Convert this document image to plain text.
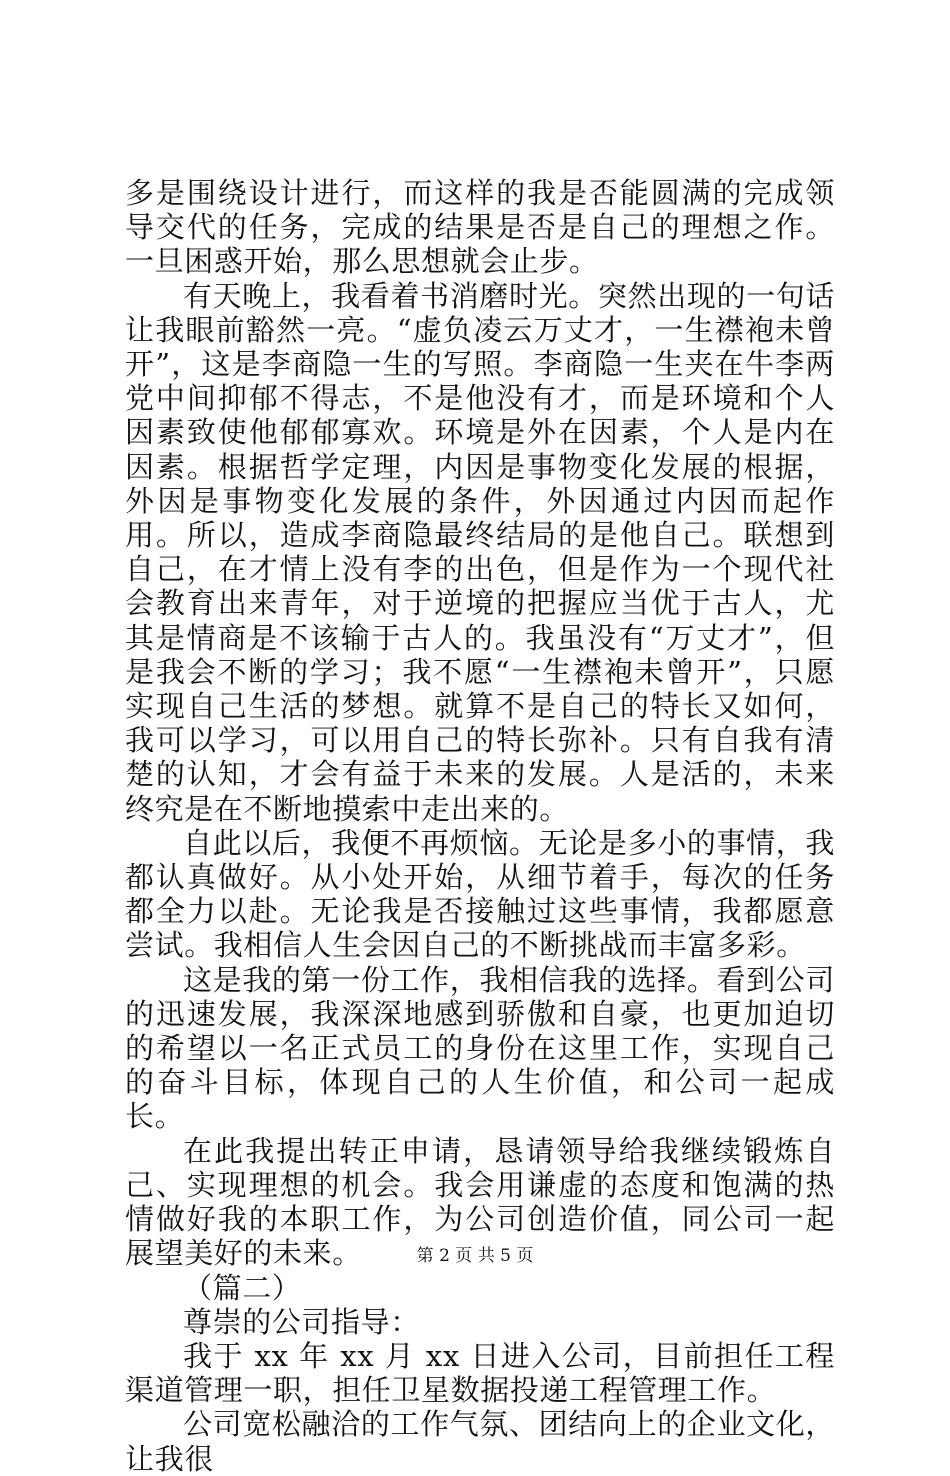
多是围绕设计进行，而这样的我是否能圆满的完成领导交代的任务，完成的结果是否是自己的理想之作。一旦困惑开始，那么思想就会止步。

有天晚上，我看着书消磨时光。突然出现的一句话让我眼前豁然一亮。“虚负凌云万丈才，一生襟袍未曾开”，这是李商隐一生的写照。李商隐一生夹在牛李两党中间抑郁不得志，不是他没有才，而是环境和个人因素致使他郁郁寡欢。环境是外在因素，个人是内在因素。根据哲学定理，内因是事物变化发展的根据，外因是事物变化发展的条件，外因通过内因而起作用。所以，造成李商隐最终结局的是他自己。联想到自己，在才情上没有李的出色，但是作为一个现代社会教育出来青年，对于逆境的把握应当优于古人，尤其是情商是不该输于古人的。我虽没有“万丈才”，但是我会不断的学习；我不愿“一生襟袍未曾开”，只愿实现自己生活的梦想。就算不是自己的特长又如何，我可以学习，可以用自己的特长弥补。只有自我有清楚的认知，才会有益于未来的发展。人是活的，未来终究是在不断地摸索中走出来的。

自此以后，我便不再烦恼。无论是多小的事情，我都认真做好。从小处开始，从细节着手，每次的任务都全力以赴。无论我是否接触过这些事情，我都愿意尝试。我相信人生会因自己的不断挑战而丰富多彩。

这是我的第一份工作，我相信我的选择。看到公司的迅速发展，我深深地感到骄傲和自豪，也更加迫切的希望以一名正式员工的身份在这里工作，实现自己的奋斗目标，体现自己的人生价值，和公司一起成长。

在此我提出转正申请，恳请领导给我继续锻炼自己、实现理想的机会。我会用谦虚的态度和饱满的热情做好我的本职工作，为公司创造价值，同公司一起展望美好的未来。

（篇二）

尊崇的公司指导：

我于 xx 年 xx 月 xx 日进入公司，目前担任工程渠道管理一职，担任卫星数据投递工程管理工作。

公司宽松融洽的工作气氛、团结向上的企业文化，让我很

第 2 页 共 5 页
